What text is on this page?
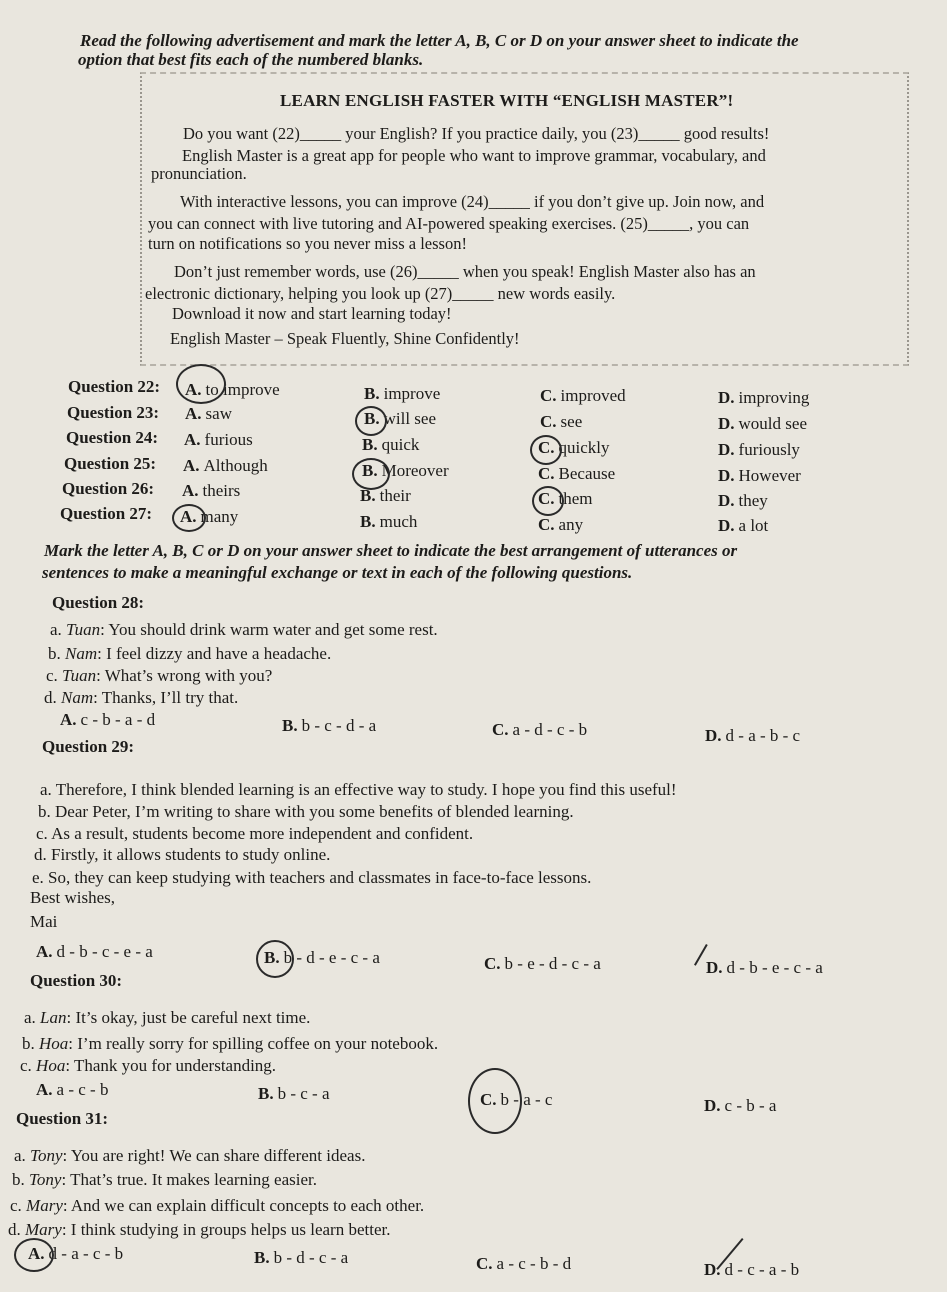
Read the following advertisement and mark the letter A, B, C or D on your answer sheet to indicate the
option that best fits each of the numbered blanks.
LEARN ENGLISH FASTER WITH “ENGLISH MASTER”!
Do you want (22)_____ your English? If you practice daily, you (23)_____ good results!
English Master is a great app for people who want to improve grammar, vocabulary, and
pronunciation.
With interactive lessons, you can improve (24)_____ if you don’t give up. Join now, and
you can connect with live tutoring and AI-powered speaking exercises. (25)_____, you can
turn on notifications so you never miss a lesson!
Don’t just remember words, use (26)_____ when you speak! English Master also has an
electronic dictionary, helping you look up (27)_____ new words easily.
Download it now and start learning today!
English Master – Speak Fluently, Shine Confidently!
Question 22: A. to improve	B. improve	C. improved	D. improving
Question 23: A. saw	B. will see	C. see	D. would see
Question 24: A. furious	B. quick	C. quickly	D. furiously
Question 25: A. Although	B. Moreover	C. Because	D. However
Question 26: A. theirs	B. their	C. them	D. they
Question 27: A. many	B. much	C. any	D. a lot
Mark the letter A, B, C or D on your answer sheet to indicate the best arrangement of utterances or
sentences to make a meaningful exchange or text in each of the following questions.
Question 28:
a. Tuan: You should drink warm water and get some rest.
b. Nam: I feel dizzy and have a headache.
c. Tuan: What’s wrong with you?
d. Nam: Thanks, I’ll try that.
A. c - b - a - d	B. b - c - d - a	C. a - d - c - b	D. d - a - b - c
Question 29:
a. Therefore, I think blended learning is an effective way to study. I hope you find this useful!
b. Dear Peter, I’m writing to share with you some benefits of blended learning.
c. As a result, students become more independent and confident.
d. Firstly, it allows students to study online.
e. So, they can keep studying with teachers and classmates in face-to-face lessons.
Best wishes,
Mai
A. d - b - c - e - a	B. b - d - e - c - a	C. b - e - d - c - a	D. d - b - e - c - a
Question 30:
a. Lan: It’s okay, just be careful next time.
b. Hoa: I’m really sorry for spilling coffee on your notebook.
c. Hoa: Thank you for understanding.
A. a - c - b	B. b - c - a	C. b - a - c	D. c - b - a
Question 31:
a. Tony: You are right! We can share different ideas.
b. Tony: That’s true. It makes learning easier.
c. Mary: And we can explain difficult concepts to each other.
d. Mary: I think studying in groups helps us learn better.
A. d - a - c - b	B. b - d - c - a	C. a - c - b - d	D. d - c - a - b
